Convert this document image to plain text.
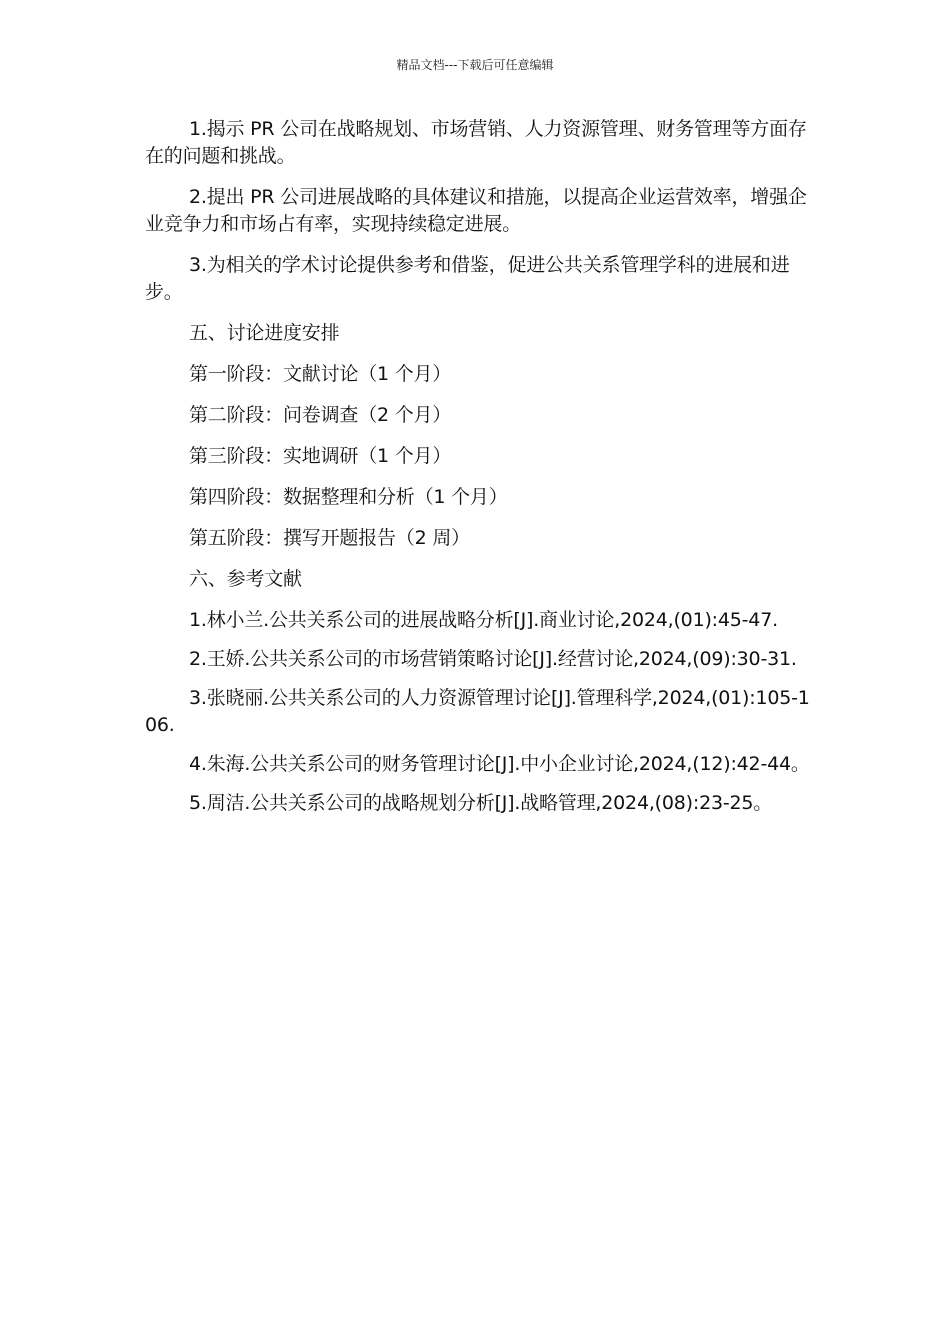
精品文档---下载后可任意编辑

1.揭示 PR 公司在战略规划、市场营销、人力资源管理、财务管理等方面存在的问题和挑战。

2.提出 PR 公司进展战略的具体建议和措施，以提高企业运营效率，增强企业竞争力和市场占有率，实现持续稳定进展。

3.为相关的学术讨论提供参考和借鉴，促进公共关系管理学科的进展和进步。

五、讨论进度安排

第一阶段：文献讨论（1 个月）

第二阶段：问卷调查（2 个月）

第三阶段：实地调研（1 个月）

第四阶段：数据整理和分析（1 个月）

第五阶段：撰写开题报告（2 周）

六、参考文献

1.林小兰.公共关系公司的进展战略分析[J].商业讨论,2024,(01):45-47.

2.王娇.公共关系公司的市场营销策略讨论[J].经营讨论,2024,(09):30-31.

3.张晓丽.公共关系公司的人力资源管理讨论[J].管理科学,2024,(01):105-106.

4.朱海.公共关系公司的财务管理讨论[J].中小企业讨论,2024,(12):42-44。

5.周洁.公共关系公司的战略规划分析[J].战略管理,2024,(08):23-25。
